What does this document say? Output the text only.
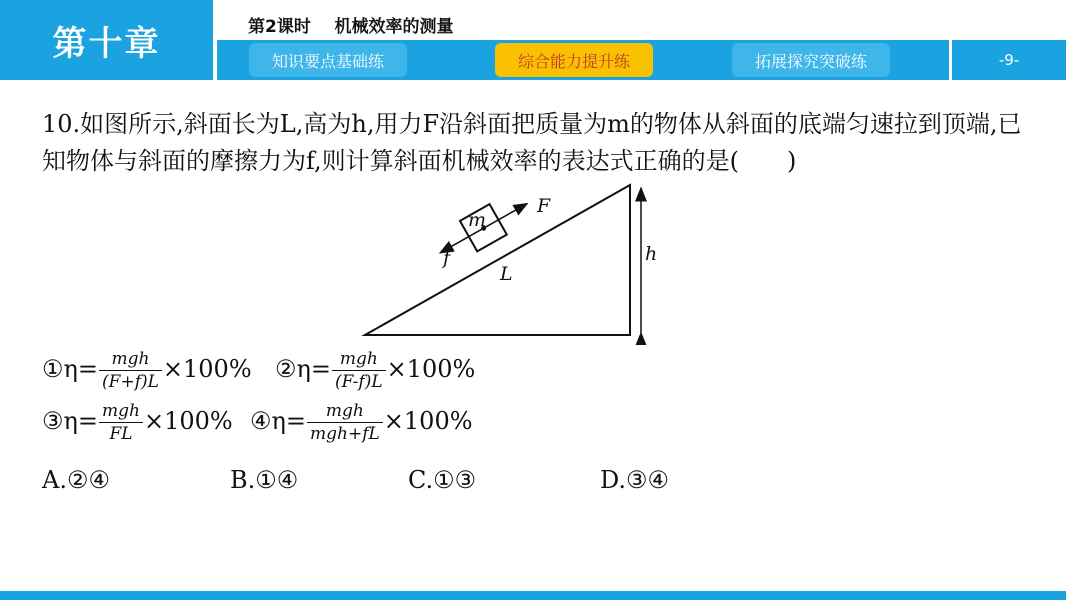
第十章	第2课时    机械效率的测量
知识要点基础练	综合能力提升练	拓展探究突破练	-9-
10.如图所示,斜面长为L,高为h,用力F沿斜面把质量为m的物体从斜面的底端匀速拉到顶端,已知物体与斜面的摩擦力为f,则计算斜面机械效率的表达式正确的是(　　)
m
F
f
L
h
①η= $\frac{\text{mgh}}{(F+f)L} \times 100\%$ ②η= $\frac{\text{mgh}}{(F-f)L} \times 100\%$
③η= $\frac{\text{mgh}}{FL} \times 100\%$ ④η= $\frac{\text{mgh}}{\text{mgh+fL}} \times 100\%$
A.②④	B.①④	C.①③	D.③④
